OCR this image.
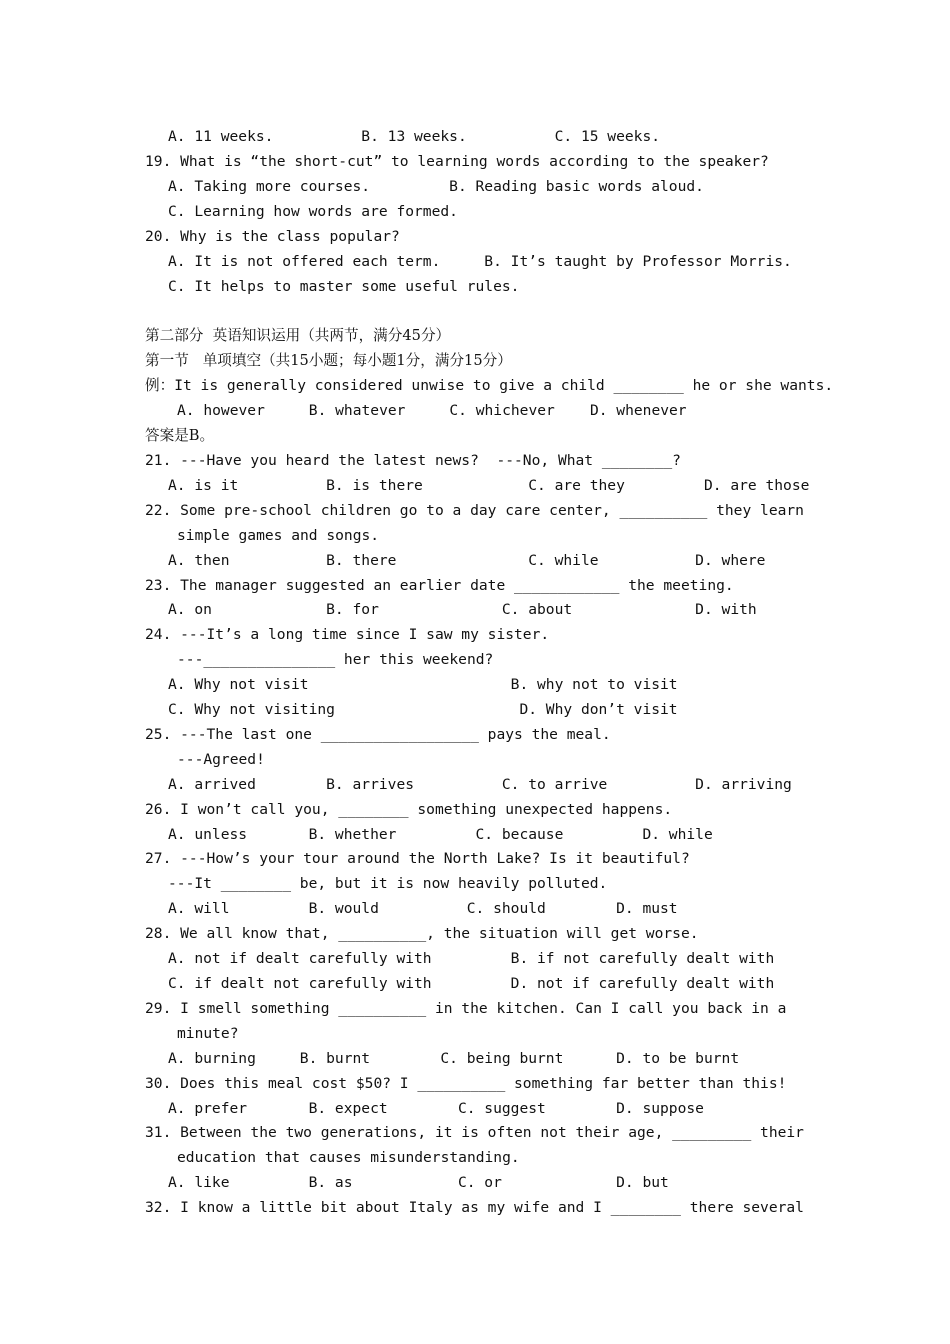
A. 11 weeks.          B. 13 weeks.          C. 15 weeks.
19. What is “the short-cut” to learning words according to the speaker?
A. Taking more courses.         B. Reading basic words aloud.
C. Learning how words are formed.
20. Why is the class popular?
A. It is not offered each term.     B. It’s taught by Professor Morris.
C. It helps to master some useful rules.
第二部分  英语知识运用（共两节，满分45分）
第一节   单项填空（共15小题；每小题1分，满分15分）
例：It is generally considered unwise to give a child ________ he or she wants.
A. however     B. whatever     C. whichever    D. whenever
答案是B。
21. ---Have you heard the latest news?  ---No, What ________?
A. is it          B. is there            C. are they         D. are those
22. Some pre-school children go to a day care center, __________ they learn
simple games and songs.
A. then           B. there               C. while           D. where
23. The manager suggested an earlier date ____________ the meeting.
A. on             B. for              C. about              D. with
24. ---It’s a long time since I saw my sister.
---_______________ her this weekend?
A. Why not visit                       B. why not to visit
C. Why not visiting                     D. Why don’t visit
25. ---The last one __________________ pays the meal.
---Agreed!
A. arrived        B. arrives          C. to arrive          D. arriving
26. I won’t call you, ________ something unexpected happens.
A. unless       B. whether         C. because         D. while
27. ---How’s your tour around the North Lake? Is it beautiful?
---It ________ be, but it is now heavily polluted.
A. will         B. would          C. should        D. must
28. We all know that, __________, the situation will get worse.
A. not if dealt carefully with         B. if not carefully dealt with
C. if dealt not carefully with         D. not if carefully dealt with
29. I smell something __________ in the kitchen. Can I call you back in a
minute?
A. burning     B. burnt        C. being burnt      D. to be burnt
30. Does this meal cost $50? I __________ something far better than this!
A. prefer       B. expect        C. suggest        D. suppose
31. Between the two generations, it is often not their age, _________ their
education that causes misunderstanding.
A. like         B. as            C. or             D. but
32. I know a little bit about Italy as my wife and I ________ there several
